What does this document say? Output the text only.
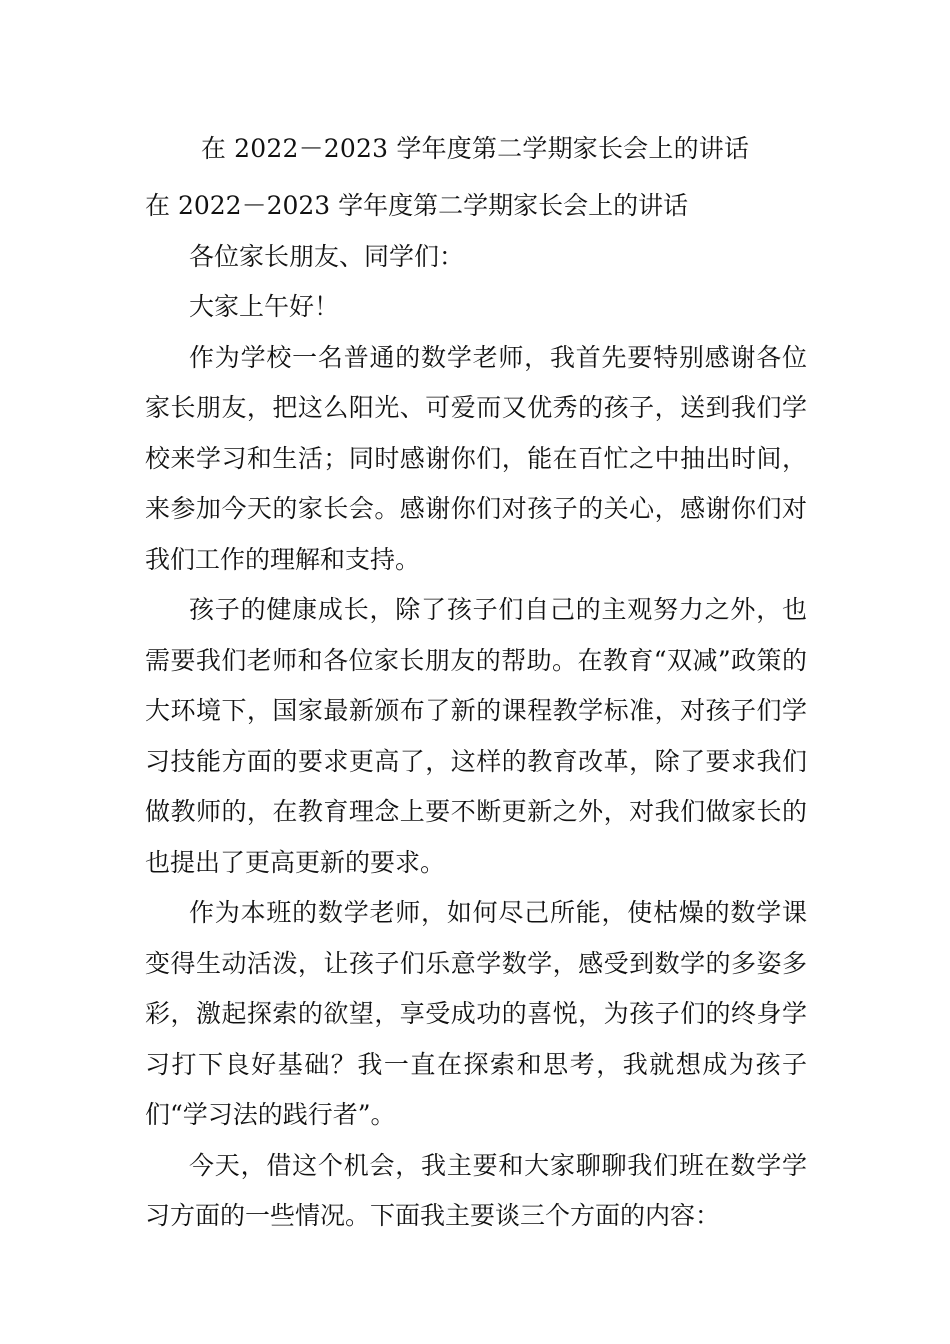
在 2022－2023 学年度第二学期家长会上的讲话

在 2022－2023 学年度第二学期家长会上的讲话

各位家长朋友、同学们：

大家上午好！

作为学校一名普通的数学老师，我首先要特别感谢各位家长朋友，把这么阳光、可爱而又优秀的孩子，送到我们学校来学习和生活；同时感谢你们，能在百忙之中抽出时间，来参加今天的家长会。感谢你们对孩子的关心，感谢你们对我们工作的理解和支持。

孩子的健康成长，除了孩子们自己的主观努力之外，也需要我们老师和各位家长朋友的帮助。在教育“双减”政策的大环境下，国家最新颁布了新的课程教学标准，对孩子们学习技能方面的要求更高了，这样的教育改革，除了要求我们做教师的，在教育理念上要不断更新之外，对我们做家长的也提出了更高更新的要求。

作为本班的数学老师，如何尽己所能，使枯燥的数学课变得生动活泼，让孩子们乐意学数学，感受到数学的多姿多彩，激起探索的欲望，享受成功的喜悦，为孩子们的终身学习打下良好基础？我一直在探索和思考，我就想成为孩子们“学习法的践行者”。

今天，借这个机会，我主要和大家聊聊我们班在数学学习方面的一些情况。下面我主要谈三个方面的内容：
